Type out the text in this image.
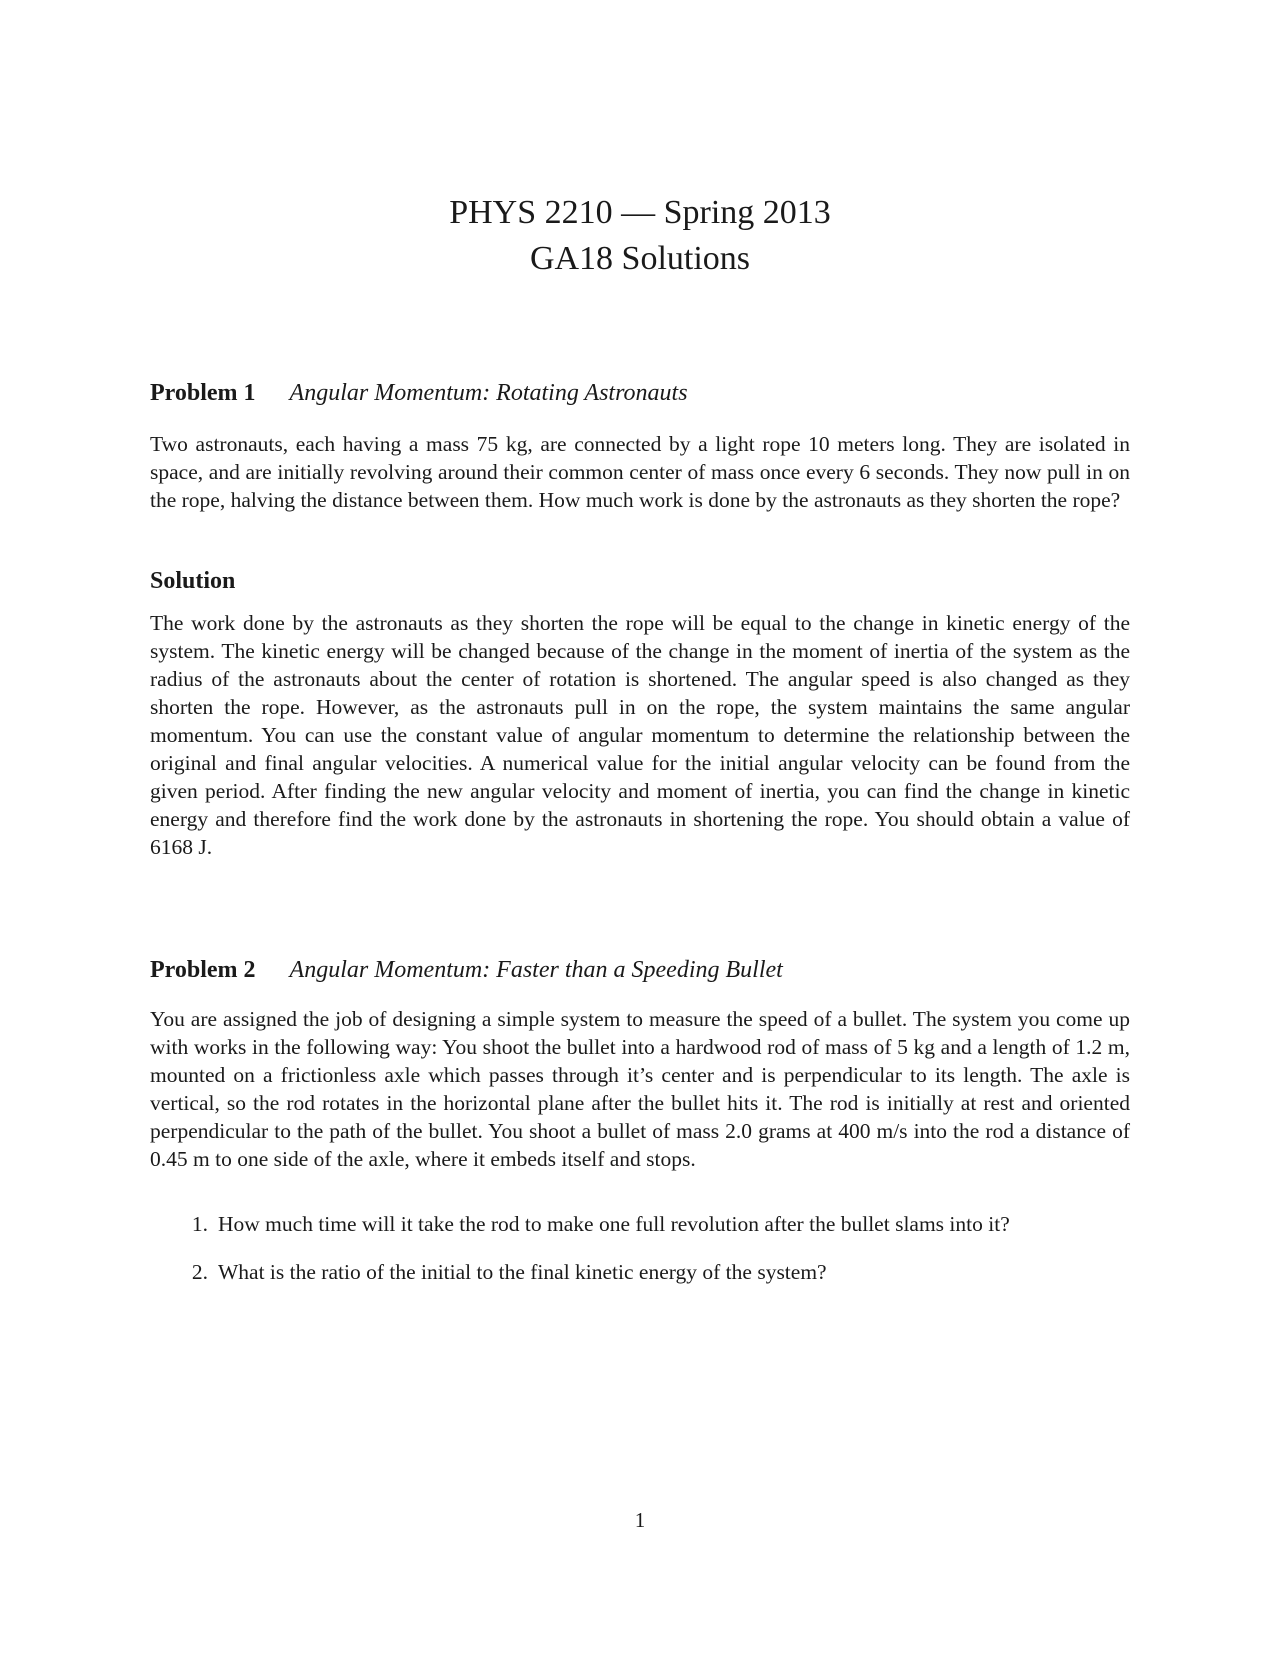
PHYS 2210 — Spring 2013
GA18 Solutions
Problem 1 Angular Momentum: Rotating Astronauts

Two astronauts, each having a mass 75 kg, are connected by a light rope 10 meters long. They are isolated in space, and are initially revolving around their common center of mass once every 6 seconds. They now pull in on the rope, halving the distance between them. How much work is done by the astronauts as they shorten the rope?

Solution

The work done by the astronauts as they shorten the rope will be equal to the change in kinetic energy of the system. The kinetic energy will be changed because of the change in the moment of inertia of the system as the radius of the astronauts about the center of rotation is shortened. The angular speed is also changed as they shorten the rope. However, as the astronauts pull in on the rope, the system maintains the same angular momentum. You can use the constant value of angular momentum to determine the relationship between the original and final angular velocities. A numerical value for the initial angular velocity can be found from the given period. After finding the new angular velocity and moment of inertia, you can find the change in kinetic energy and therefore find the work done by the astronauts in shortening the rope. You should obtain a value of 6168 J.

Problem 2 Angular Momentum: Faster than a Speeding Bullet

You are assigned the job of designing a simple system to measure the speed of a bullet. The system you come up with works in the following way: You shoot the bullet into a hardwood rod of mass of 5 kg and a length of 1.2 m, mounted on a frictionless axle which passes through it’s center and is perpendicular to its length. The axle is vertical, so the rod rotates in the horizontal plane after the bullet hits it. The rod is initially at rest and oriented perpendicular to the path of the bullet. You shoot a bullet of mass 2.0 grams at 400 m/s into the rod a distance of 0.45 m to one side of the axle, where it embeds itself and stops.

1. How much time will it take the rod to make one full revolution after the bullet slams into it?
2. What is the ratio of the initial to the final kinetic energy of the system?
1
